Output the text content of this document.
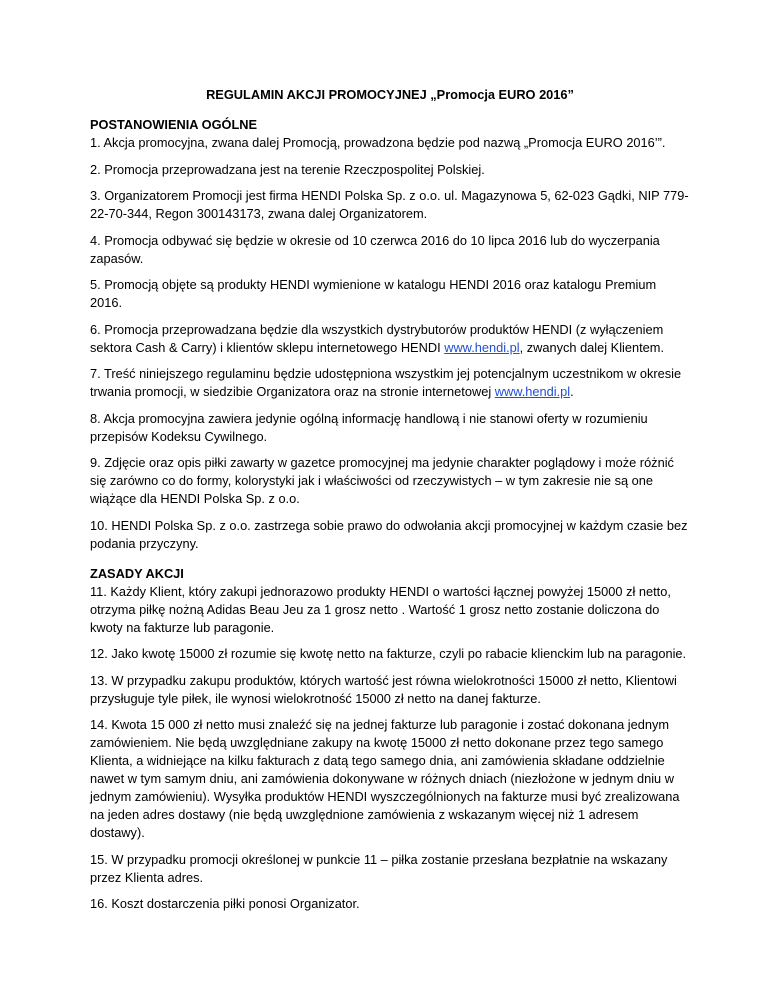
REGULAMIN AKCJI PROMOCYJNEJ „Promocja EURO 2016”

POSTANOWIENIA OGÓLNE

1. Akcja promocyjna, zwana dalej Promocją, prowadzona będzie pod nazwą „Promocja EURO 2016’”.

2. Promocja przeprowadzana jest na terenie Rzeczpospolitej Polskiej.

3. Organizatorem Promocji jest firma HENDI Polska Sp. z o.o. ul. Magazynowa 5, 62-023 Gądki, NIP 779-22-70-344, Regon 300143173, zwana dalej Organizatorem.

4. Promocja odbywać się będzie w okresie od 10 czerwca 2016 do 10 lipca 2016 lub do wyczerpania zapasów.

5. Promocją objęte są produkty HENDI wymienione w katalogu HENDI 2016 oraz katalogu Premium 2016.

6. Promocja przeprowadzana będzie dla wszystkich dystrybutorów produktów HENDI (z wyłączeniem sektora Cash & Carry) i klientów sklepu internetowego HENDI www.hendi.pl, zwanych dalej Klientem.

7. Treść niniejszego regulaminu będzie udostępniona wszystkim jej potencjalnym uczestnikom w okresie trwania promocji, w siedzibie Organizatora oraz na stronie internetowej www.hendi.pl.

8. Akcja promocyjna zawiera jedynie ogólną informację handlową i nie stanowi oferty w rozumieniu przepisów Kodeksu Cywilnego.

9. Zdjęcie oraz opis piłki zawarty w gazetce promocyjnej ma jedynie charakter poglądowy i może różnić się zarówno co do formy, kolorystyki jak i właściwości od rzeczywistych – w tym zakresie nie są one wiążące dla HENDI Polska Sp. z o.o.

10. HENDI Polska Sp. z o.o. zastrzega sobie prawo do odwołania akcji promocyjnej w każdym czasie bez podania przyczyny.

ZASADY AKCJI

11. Każdy Klient, który zakupi jednorazowo produkty HENDI o wartości łącznej powyżej 15000 zł netto, otrzyma piłkę nożną Adidas Beau Jeu za 1 grosz netto . Wartość 1 grosz netto zostanie doliczona do kwoty na fakturze lub paragonie.

12. Jako kwotę 15000 zł rozumie się kwotę netto na fakturze, czyli po rabacie klienckim lub na paragonie.

13. W przypadku zakupu produktów, których wartość jest równa wielokrotności 15000 zł netto, Klientowi przysługuje tyle piłek, ile wynosi wielokrotność 15000 zł netto na danej fakturze.

14. Kwota 15 000 zł netto musi znaleźć się na jednej fakturze lub paragonie i zostać dokonana jednym zamówieniem. Nie będą uwzględniane zakupy na kwotę 15000 zł netto dokonane przez tego samego Klienta, a widniejące na kilku fakturach z datą tego samego dnia, ani zamówienia składane oddzielnie nawet w tym samym dniu, ani zamówienia dokonywane w różnych dniach (niezłożone w jednym dniu w jednym zamówieniu). Wysyłka produktów HENDI wyszczególnionych na fakturze musi być zrealizowana na jeden adres dostawy (nie będą uwzględnione zamówienia z wskazanym więcej niż 1 adresem dostawy).

15. W przypadku promocji określonej w punkcie 11 – piłka zostanie przesłana bezpłatnie na wskazany przez Klienta adres.

16. Koszt dostarczenia piłki ponosi Organizator.
